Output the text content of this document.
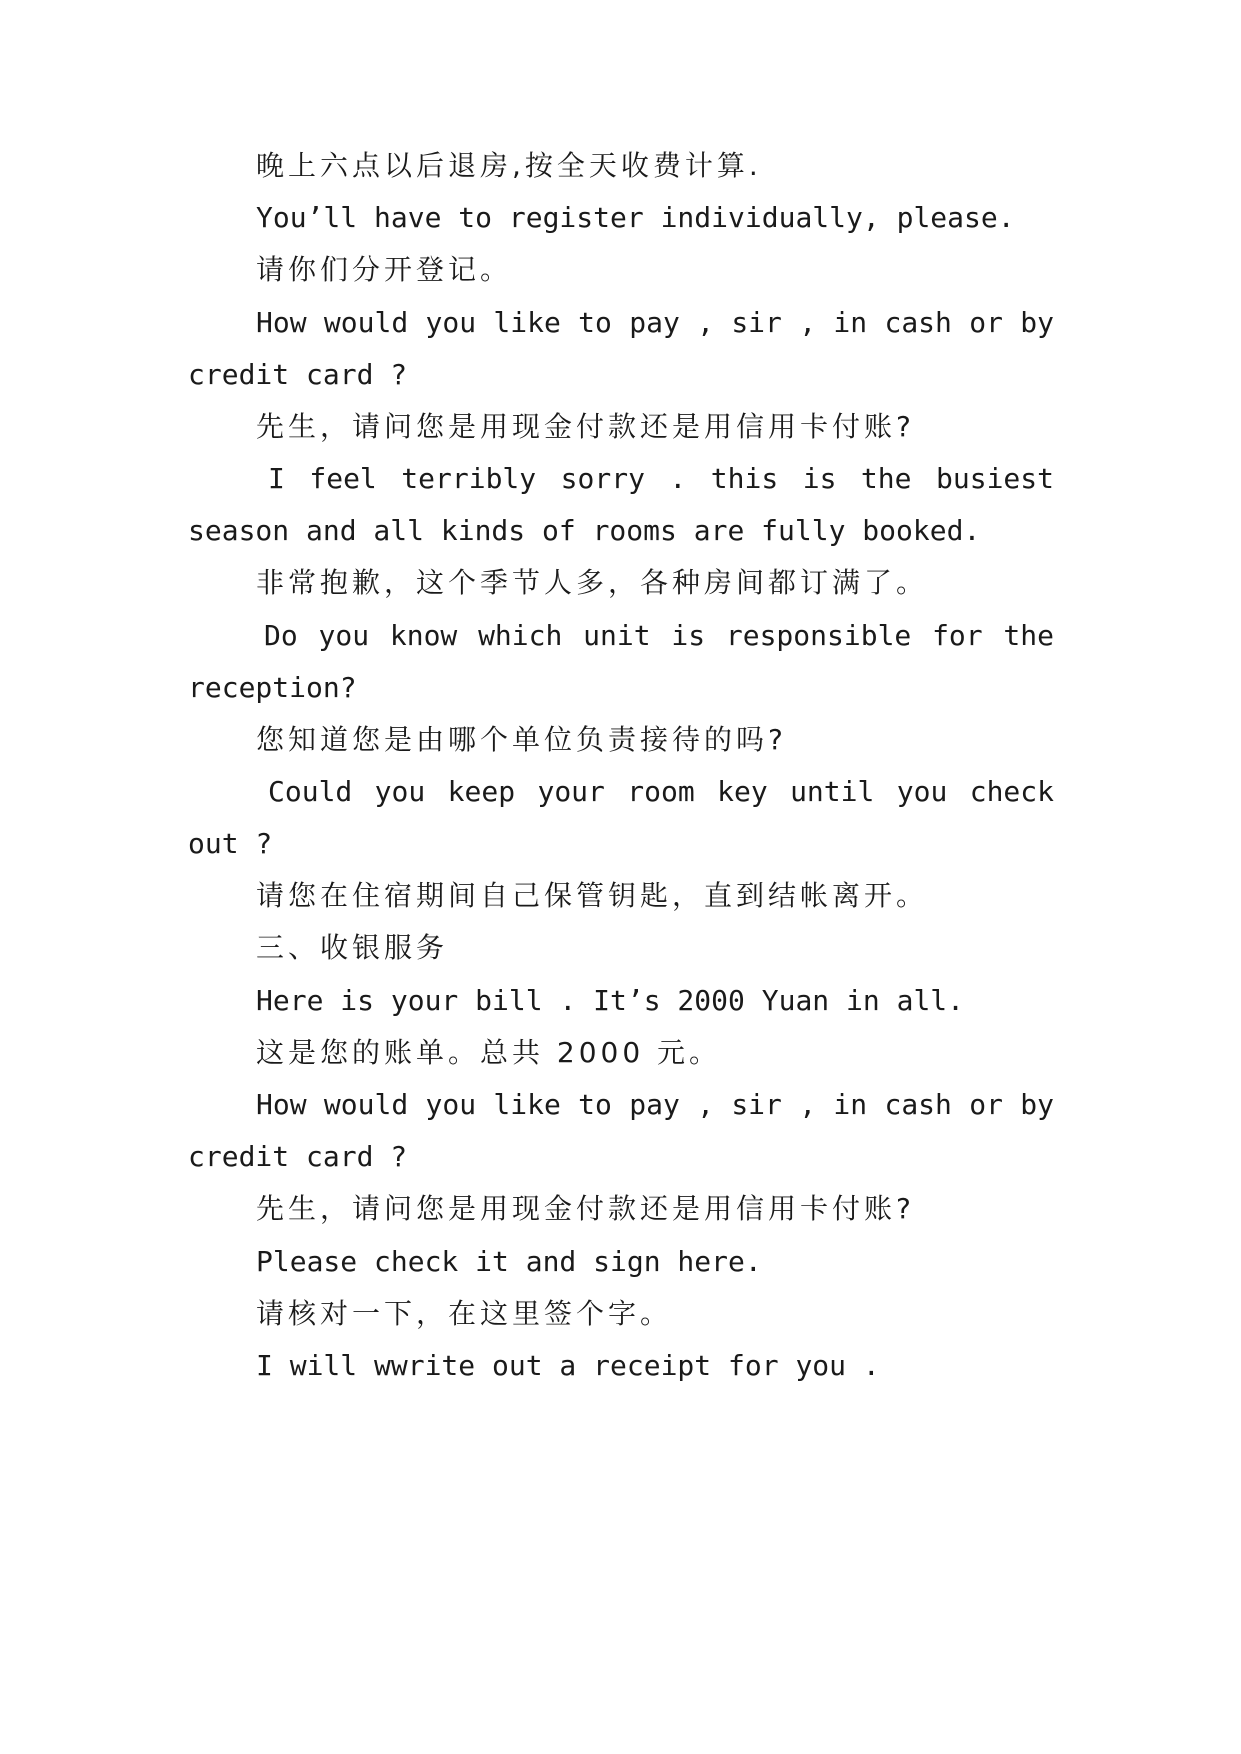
晚上六点以后退房,按全天收费计算.
You’ll have to register individually, please.
请你们分开登记。
How would you like to pay , sir , in cash or by
credit card ?
先生，请问您是用现金付款还是用信用卡付账?
I feel terribly sorry . this is the busiest
season and all kinds of rooms are fully booked.
非常抱歉，这个季节人多，各种房间都订满了。
Do you know which unit is responsible for the
reception?
您知道您是由哪个单位负责接待的吗?
Could you keep your room key until you check
out ?
请您在住宿期间自己保管钥匙，直到结帐离开。
三、收银服务
Here is your bill . It’s 2000 Yuan in all.
这是您的账单。总共 2000 元。
How would you like to pay , sir , in cash or by
credit card ?
先生，请问您是用现金付款还是用信用卡付账?
Please check it and sign here.
请核对一下，在这里签个字。
I will wwrite out a receipt for you .
